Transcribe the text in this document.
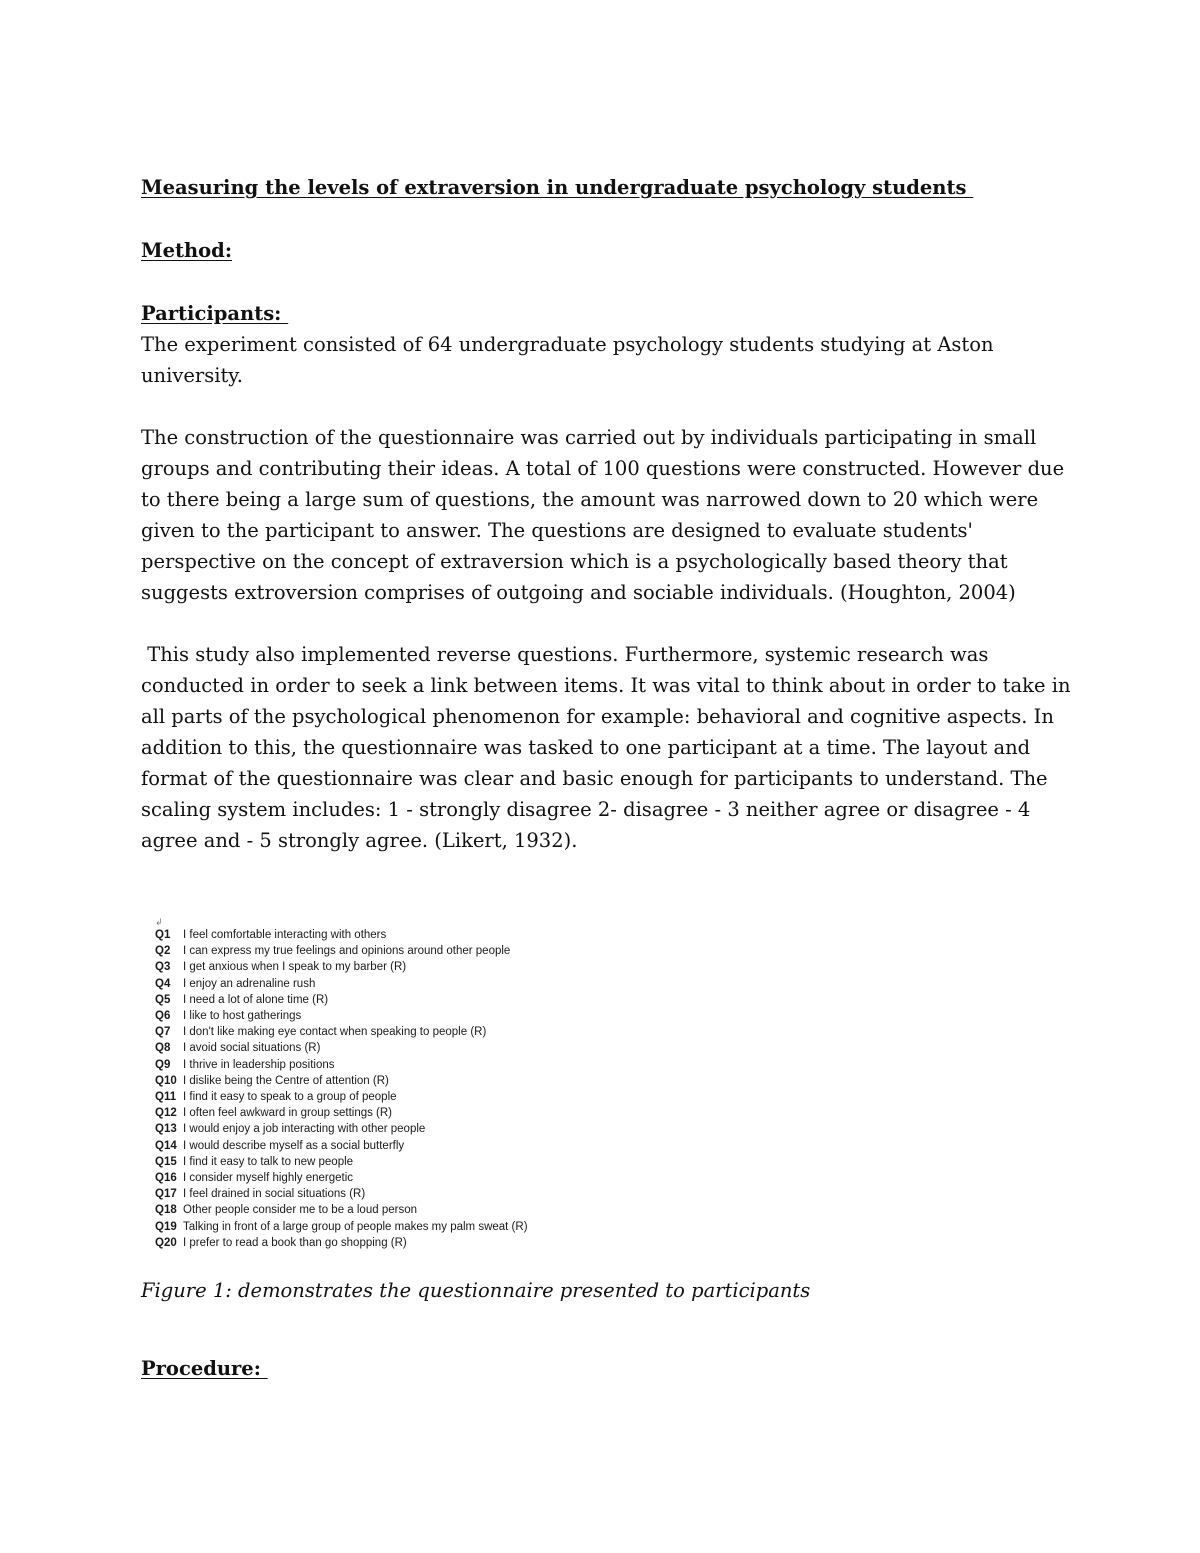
Measuring the levels of extraversion in undergraduate psychology students
Method:
Participants:

The experiment consisted of 64 undergraduate psychology students studying at Aston university.

The construction of the questionnaire was carried out by individuals participating in small groups and contributing their ideas. A total of 100 questions were constructed. However due to there being a large sum of questions, the amount was narrowed down to 20 which were given to the participant to answer. The questions are designed to evaluate students' perspective on the concept of extraversion which is a psychologically based theory that suggests extroversion comprises of outgoing and sociable individuals. (Houghton, 2004)

This study also implemented reverse questions. Furthermore, systemic research was conducted in order to seek a link between items. It was vital to think about in order to take in all parts of the psychological phenomenon for example: behavioral and cognitive aspects. In addition to this, the questionnaire was tasked to one participant at a time. The layout and format of the questionnaire was clear and basic enough for participants to understand. The scaling system includes: 1 - strongly disagree 2- disagree - 3 neither agree or disagree - 4 agree and - 5 strongly agree. (Likert, 1932).

↲
Q1	I feel comfortable interacting with others
Q2	I can express my true feelings and opinions around other people
Q3	I get anxious when I speak to my barber (R)
Q4	I enjoy an adrenaline rush
Q5	I need a lot of alone time (R)
Q6	I like to host gatherings
Q7	I don't like making eye contact when speaking to people (R)
Q8	I avoid social situations (R)
Q9	I thrive in leadership positions
Q10 I dislike being the Centre of attention (R)
Q11 I find it easy to speak to a group of people
Q12 I often feel awkward in group settings (R)
Q13 I would enjoy a job interacting with other people
Q14 I would describe myself as a social butterfly
Q15 I find it easy to talk to new people
Q16 I consider myself highly energetic
Q17 I feel drained in social situations (R)
Q18 Other people consider me to be a loud person
Q19 Talking in front of a large group of people makes my palm sweat (R)
Q20 I prefer to read a book than go shopping (R)
Figure 1: demonstrates the questionnaire presented to participants
Procedure:
